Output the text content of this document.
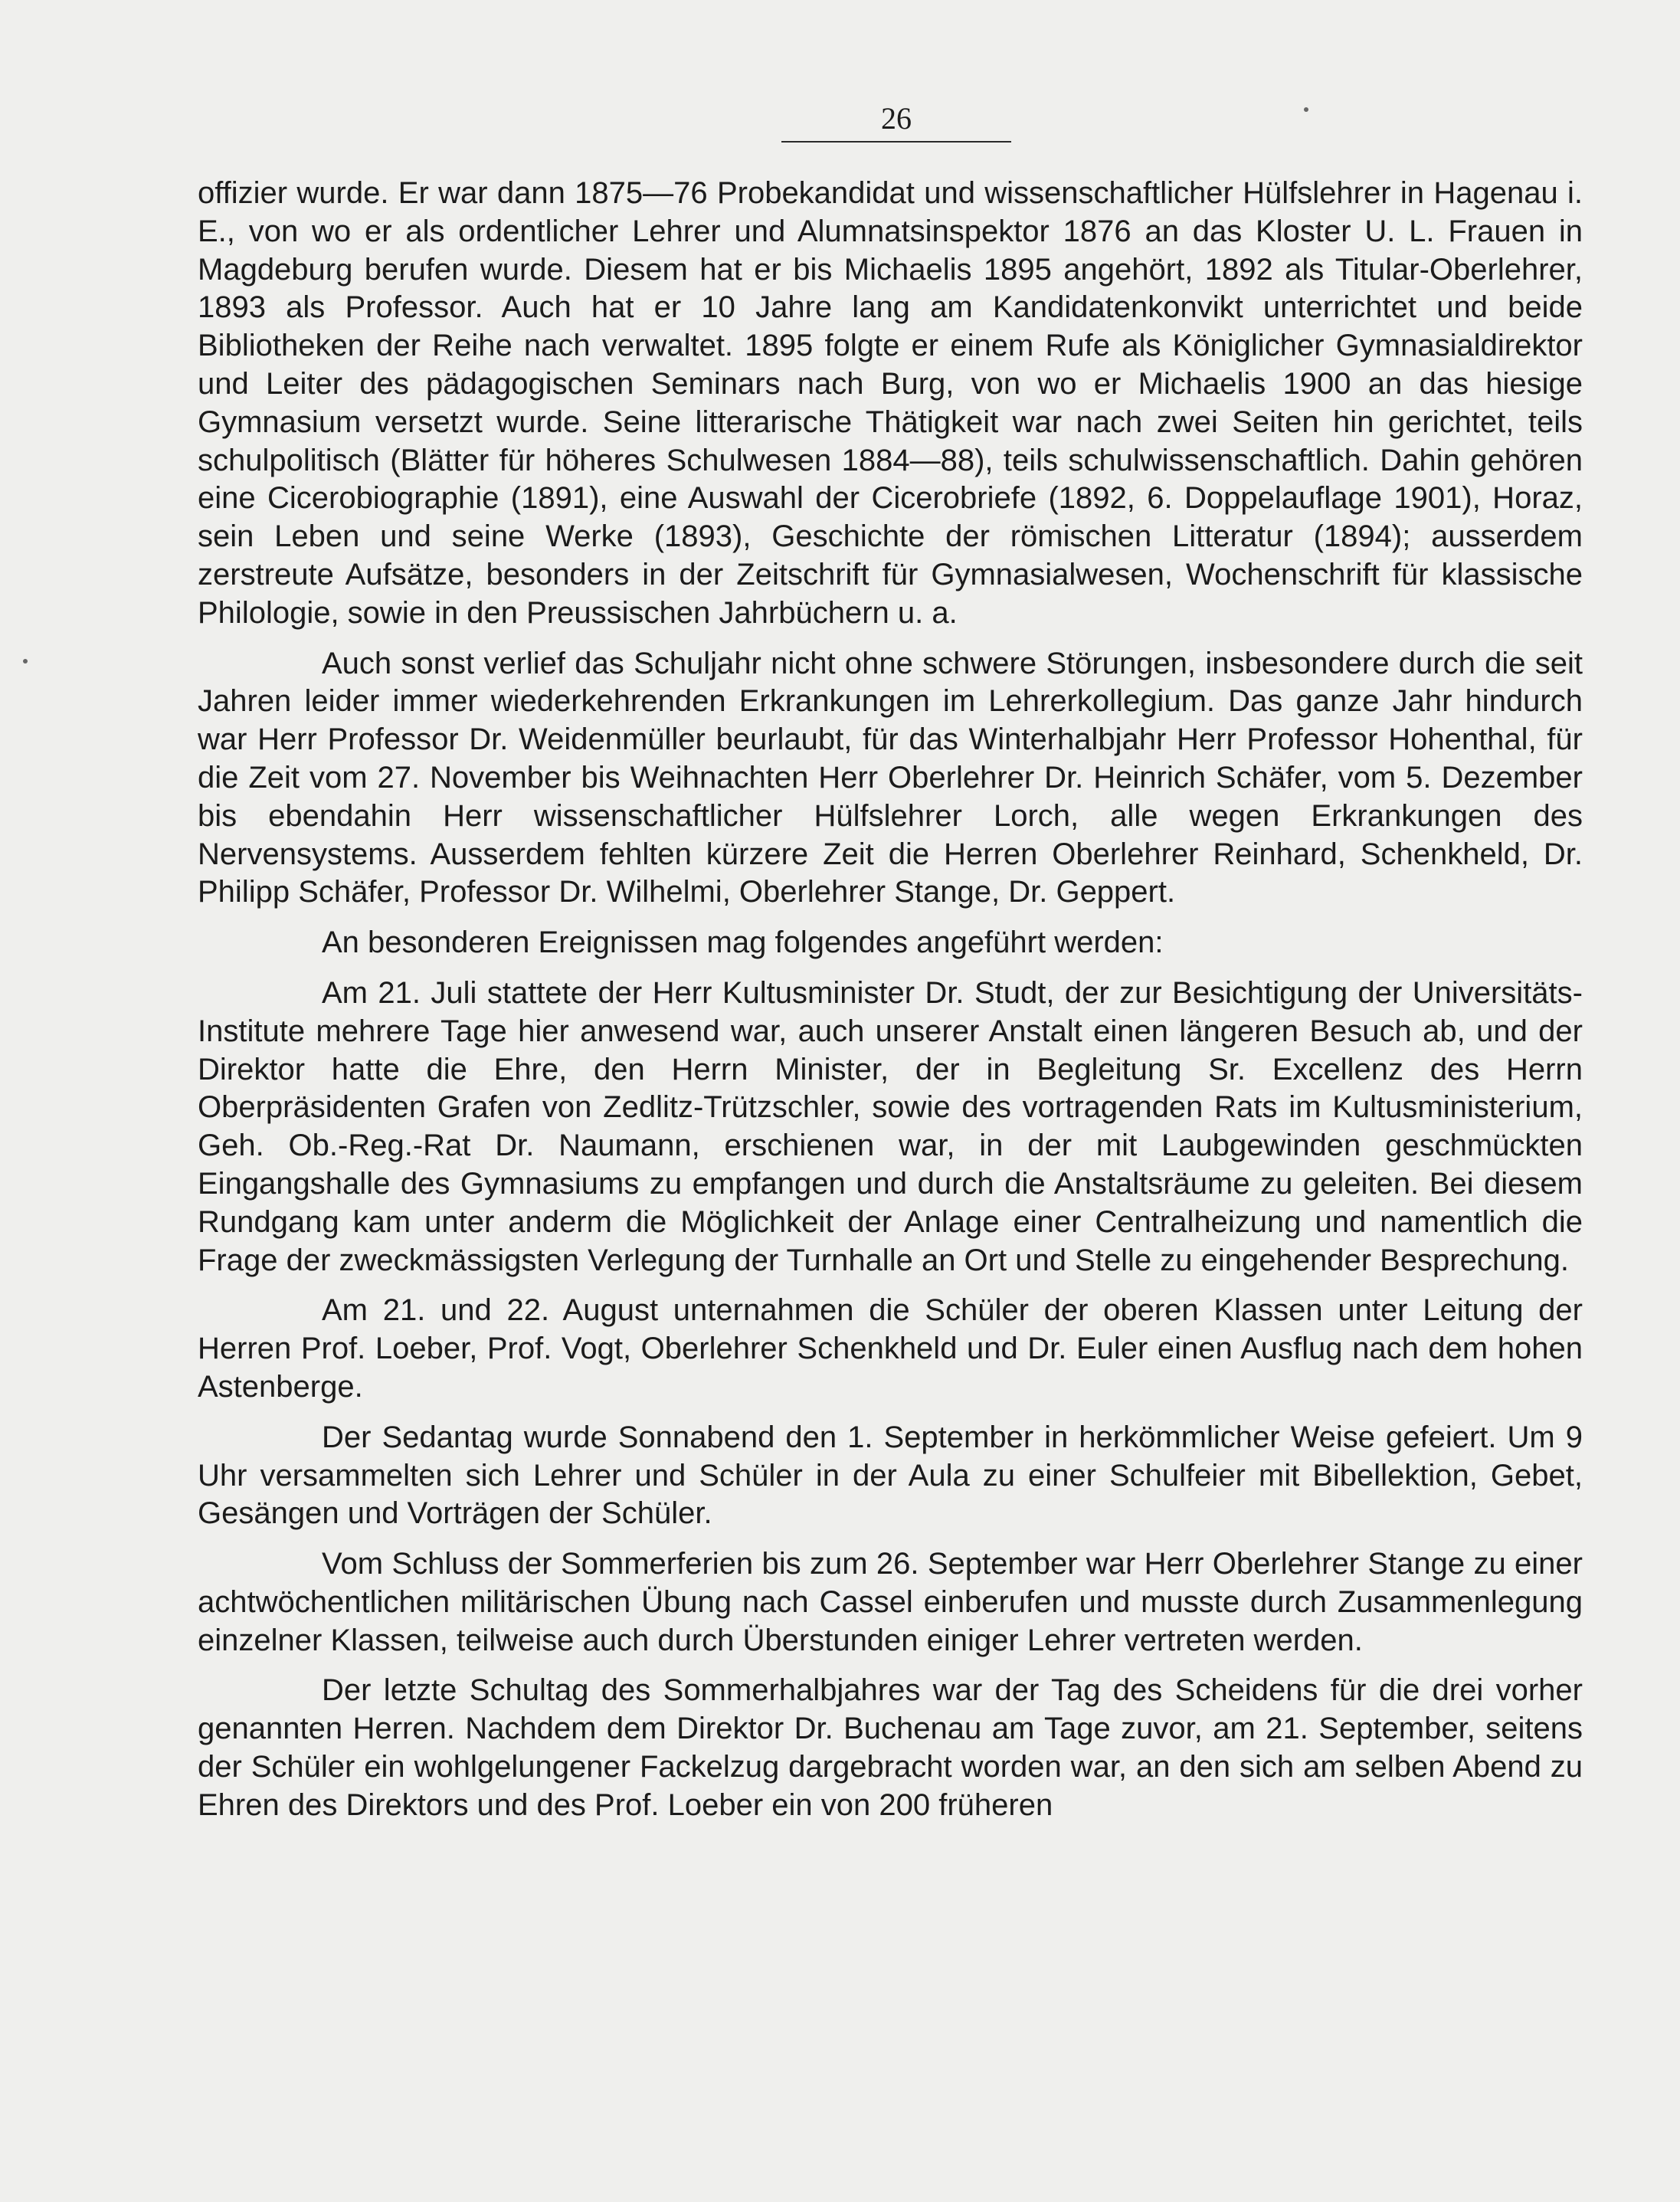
26

offizier wurde. Er war dann 1875—76 Probekandidat und wissenschaftlicher Hülfslehrer in Hagenau i. E., von wo er als ordentlicher Lehrer und Alumnatsinspektor 1876 an das Kloster U. L. Frauen in Magdeburg berufen wurde. Diesem hat er bis Michaelis 1895 angehört, 1892 als Titular-Oberlehrer, 1893 als Professor. Auch hat er 10 Jahre lang am Kandidatenkonvikt unterrichtet und beide Bibliotheken der Reihe nach verwaltet. 1895 folgte er einem Rufe als Königlicher Gymnasialdirektor und Leiter des pädagogischen Seminars nach Burg, von wo er Michaelis 1900 an das hiesige Gymnasium versetzt wurde. Seine litterarische Thätigkeit war nach zwei Seiten hin gerichtet, teils schulpolitisch (Blätter für höheres Schulwesen 1884—88), teils schulwissenschaftlich. Dahin gehören eine Cicerobiographie (1891), eine Auswahl der Cicerobriefe (1892, 6. Doppelauflage 1901), Horaz, sein Leben und seine Werke (1893), Geschichte der römischen Litteratur (1894); ausserdem zerstreute Aufsätze, besonders in der Zeitschrift für Gymnasialwesen, Wochenschrift für klassische Philologie, sowie in den Preussischen Jahrbüchern u. a.

Auch sonst verlief das Schuljahr nicht ohne schwere Störungen, insbesondere durch die seit Jahren leider immer wiederkehrenden Erkrankungen im Lehrerkollegium. Das ganze Jahr hindurch war Herr Professor Dr. Weidenmüller beurlaubt, für das Winterhalbjahr Herr Professor Hohenthal, für die Zeit vom 27. November bis Weihnachten Herr Oberlehrer Dr. Heinrich Schäfer, vom 5. Dezember bis ebendahin Herr wissenschaftlicher Hülfslehrer Lorch, alle wegen Erkrankungen des Nervensystems. Ausserdem fehlten kürzere Zeit die Herren Oberlehrer Reinhard, Schenkheld, Dr. Philipp Schäfer, Professor Dr. Wilhelmi, Oberlehrer Stange, Dr. Geppert.

An besonderen Ereignissen mag folgendes angeführt werden:

Am 21. Juli stattete der Herr Kultusminister Dr. Studt, der zur Besichtigung der Universitäts-Institute mehrere Tage hier anwesend war, auch unserer Anstalt einen längeren Besuch ab, und der Direktor hatte die Ehre, den Herrn Minister, der in Begleitung Sr. Excellenz des Herrn Oberpräsidenten Grafen von Zedlitz-Trützschler, sowie des vortragenden Rats im Kultusministerium, Geh. Ob.-Reg.-Rat Dr. Naumann, erschienen war, in der mit Laubgewinden geschmückten Eingangshalle des Gymnasiums zu empfangen und durch die Anstaltsräume zu geleiten. Bei diesem Rundgang kam unter anderm die Möglichkeit der Anlage einer Centralheizung und namentlich die Frage der zweckmässigsten Verlegung der Turnhalle an Ort und Stelle zu eingehender Besprechung.

Am 21. und 22. August unternahmen die Schüler der oberen Klassen unter Leitung der Herren Prof. Loeber, Prof. Vogt, Oberlehrer Schenkheld und Dr. Euler einen Ausflug nach dem hohen Astenberge.

Der Sedantag wurde Sonnabend den 1. September in herkömmlicher Weise gefeiert. Um 9 Uhr versammelten sich Lehrer und Schüler in der Aula zu einer Schulfeier mit Bibellektion, Gebet, Gesängen und Vorträgen der Schüler.

Vom Schluss der Sommerferien bis zum 26. September war Herr Oberlehrer Stange zu einer achtwöchentlichen militärischen Übung nach Cassel einberufen und musste durch Zusammenlegung einzelner Klassen, teilweise auch durch Überstunden einiger Lehrer vertreten werden.

Der letzte Schultag des Sommerhalbjahres war der Tag des Scheidens für die drei vorher genannten Herren. Nachdem dem Direktor Dr. Buchenau am Tage zuvor, am 21. September, seitens der Schüler ein wohlgelungener Fackelzug dargebracht worden war, an den sich am selben Abend zu Ehren des Direktors und des Prof. Loeber ein von 200 früheren
